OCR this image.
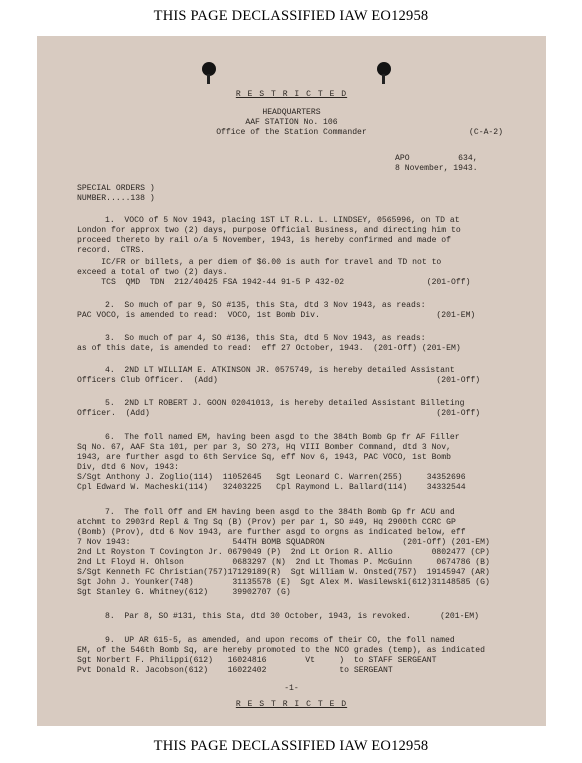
THIS PAGE DECLASSIFIED IAW EO12958
R E S T R I C T E D
HEADQUARTERS
AAF STATION No. 106
Office of the Station Commander	(C-A-2)
APO          634,
8 November, 1943.
SPECIAL ORDERS )
NUMBER.....138 )
1.  VOCO of 5 Nov 1943, placing 1ST LT R.L. L. LINDSEY, 0565996, on TD at
London for approx two (2) days, purpose Official Business, and directing him to
proceed thereto by rail o/a 5 November, 1943, is hereby confirmed and made of
record.  CTRS.
IC/FR or billets, a per diem of $6.00 is auth for travel and TD not to
exceed a total of two (2) days.
TCS  QMD  TDN  212/40425 FSA 1942-44 91-5 P 432-02                 (201-Off)
2.  So much of par 9, SO #135, this Sta, dtd 3 Nov 1943, as reads:
PAC VOCO, is amended to read:  VOCO, 1st Bomb Div.                        (201-EM)
3.  So much of par 4, SO #136, this Sta, dtd 5 Nov 1943, as reads:
as of this date, is amended to read:  eff 27 October, 1943.  (201-Off) (201-EM)
4.  2ND LT WILLIAM E. ATKINSON JR. 0575749, is hereby detailed Assistant
Officers Club Officer.  (Add)                                             (201-Off)
5.  2ND LT ROBERT J. GOON 02041013, is hereby detailed Assistant Billeting
Officer.  (Add)                                                           (201-Off)
6.  The foll named EM, having been asgd to the 384th Bomb Gp fr AF Filler
Sq No. 67, AAF Sta 101, per par 3, SO 273, Hq VIII Bomber Command, dtd 3 Nov,
1943, are further asgd to 6th Service Sq, eff Nov 6, 1943, PAC VOCO, 1st Bomb
Div, dtd 6 Nov, 1943:
S/Sgt Anthony J. Zoglio(114)  11052645   Sgt Leonard C. Warren(255)     34352696
Cpl Edward W. Macheski(114)   32403225   Cpl Raymond L. Ballard(114)    34332544
7.  The foll Off and EM having been asgd to the 384th Bomb Gp fr ACU and
atchmt to 2903rd Repl & Tng Sq (B) (Prov) per par 1, SO #49, Hq 2900th CCRC GP
(Bomb) (Prov), dtd 6 Nov 1943, are further asgd to orgns as indicated below, eff
7 Nov 1943:                     544TH BOMB SQUADRON                (201-Off) (201-EM)
2nd Lt Royston T Covington Jr. 0679049 (P)  2nd Lt Orion R. Allio        0802477 (CP)
2nd Lt Floyd H. Ohlson          0683297 (N)  2nd Lt Thomas P. McGuinn     0674786 (B)
S/Sgt Kenneth FC Christian(757)17129189(R)  Sgt William W. Onsted(757)  19145947 (AR)
Sgt John J. Younker(748)        31135578 (E)  Sgt Alex M. Wasilewski(612)31148585 (G)
Sgt Stanley G. Whitney(612)     39902707 (G)
8.  Par 8, SO #131, this Sta, dtd 30 October, 1943, is revoked.      (201-EM)
9.  UP AR 615-5, as amended, and upon recoms of their CO, the foll named
EM, of the 546th Bomb Sq, are hereby promoted to the NCO grades (temp), as indicated
Sgt Norbert F. Philippi(612)   16024816        Vt     )  to STAFF SERGEANT
Pvt Donald R. Jacobson(612)    16022402               to SERGEANT
-1-
R E S T R I C T E D
THIS PAGE DECLASSIFIED IAW EO12958
